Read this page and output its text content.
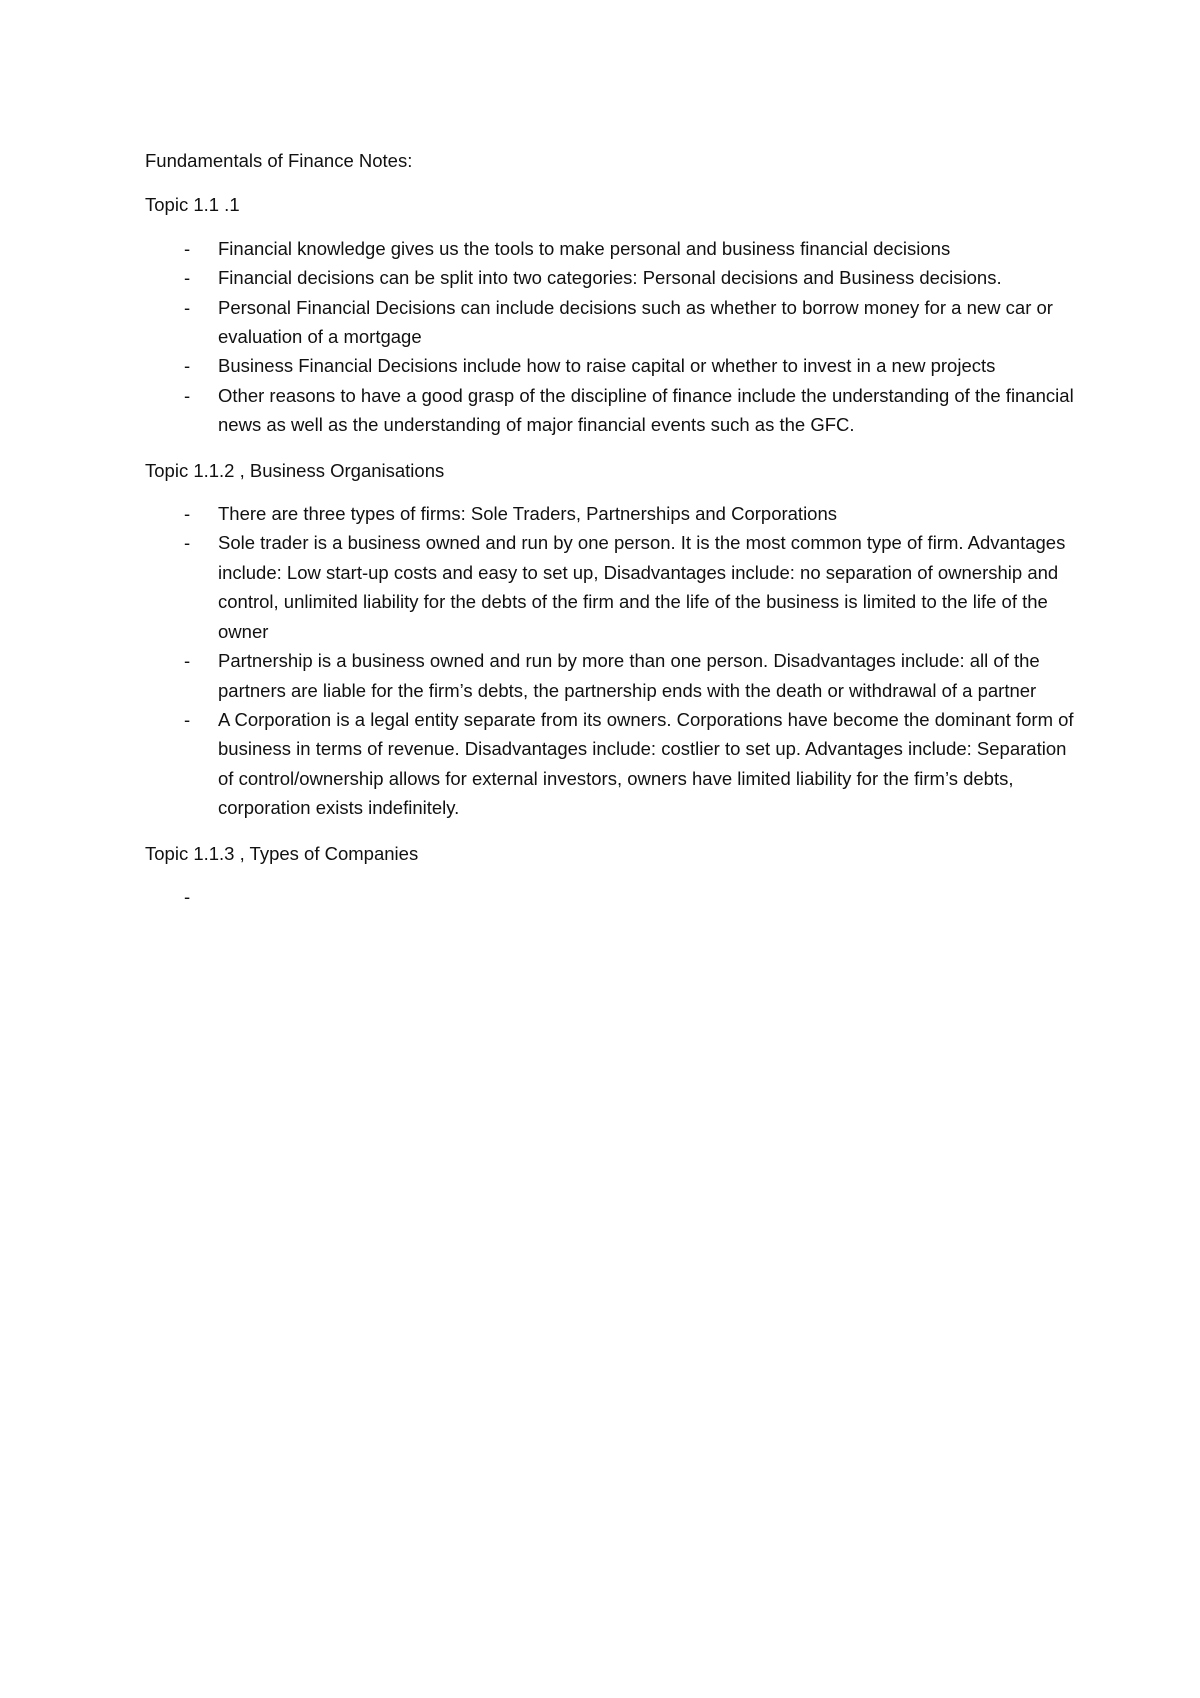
Fundamentals of Finance Notes:

Topic 1.1 .1

- Financial knowledge gives us the tools to make personal and business financial decisions
- Financial decisions can be split into two categories: Personal decisions and Business decisions.
- Personal Financial Decisions can include decisions such as whether to borrow money for a new car or evaluation of a mortgage
- Business Financial Decisions include how to raise capital or whether to invest in a new projects
- Other reasons to have a good grasp of the discipline of finance include the understanding of the financial news as well as the understanding of major financial events such as the GFC.

Topic 1.1.2 , Business Organisations

- There are three types of firms: Sole Traders, Partnerships and Corporations
- Sole trader is a business owned and run by one person. It is the most common type of firm. Advantages include: Low start-up costs and easy to set up, Disadvantages include: no separation of ownership and control, unlimited liability for the debts of the firm and the life of the business is limited to the life of the owner
- Partnership is a business owned and run by more than one person. Disadvantages include: all of the partners are liable for the firm’s debts, the partnership ends with the death or withdrawal of a partner
- A Corporation is a legal entity separate from its owners. Corporations have become the dominant form of business in terms of revenue. Disadvantages include: costlier to set up. Advantages include: Separation of control/ownership allows for external investors, owners have limited liability for the firm’s debts, corporation exists indefinitely.

Topic 1.1.3 , Types of Companies

-
